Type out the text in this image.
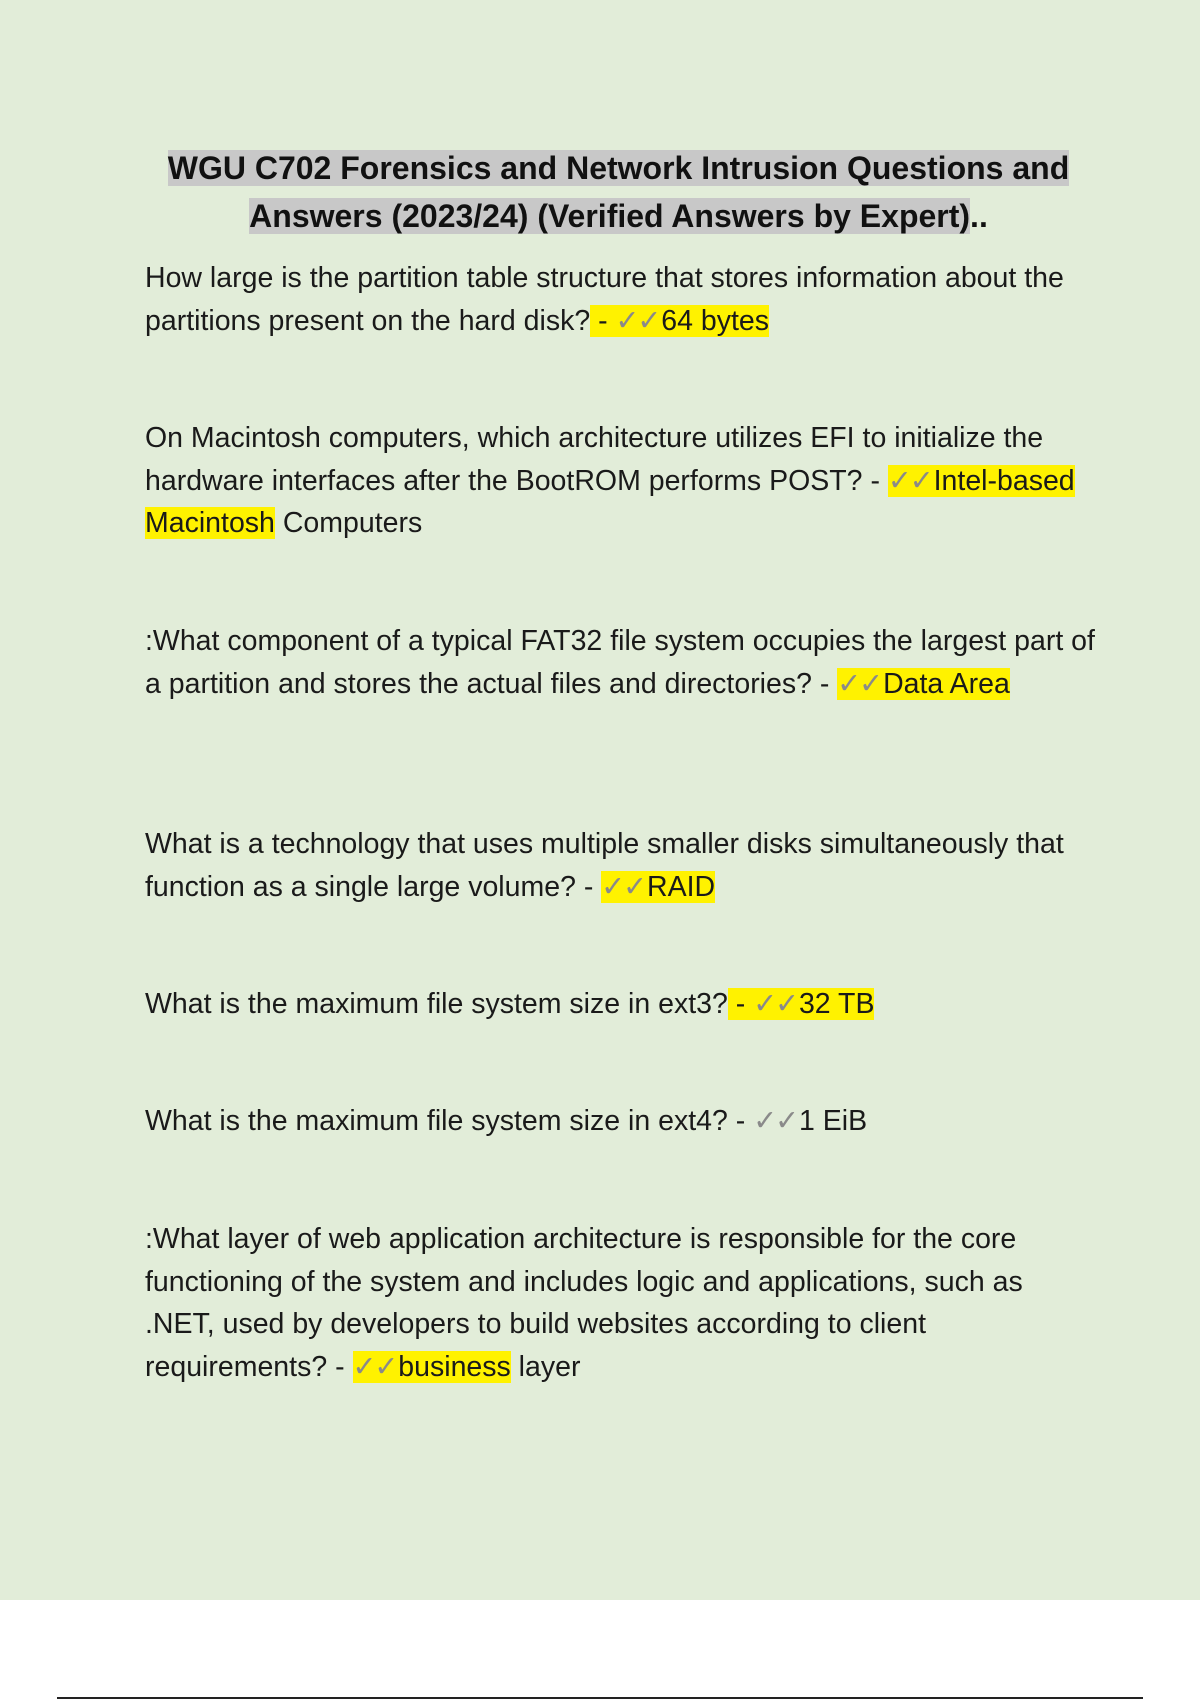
WGU C702 Forensics and Network Intrusion Questions and Answers (2023/24) (Verified Answers by Expert)..
How large is the partition table structure that stores information about the partitions present on the hard disk? - ✓✓64 bytes
On Macintosh computers, which architecture utilizes EFI to initialize the hardware interfaces after the BootROM performs POST? - ✓✓Intel-based Macintosh Computers
:What component of a typical FAT32 file system occupies the largest part of a partition and stores the actual files and directories? - ✓✓Data Area
What is a technology that uses multiple smaller disks simultaneously that function as a single large volume? - ✓✓RAID
What is the maximum file system size in ext3? - ✓✓32 TB
What is the maximum file system size in ext4? - ✓✓1 EiB
:What layer of web application architecture is responsible for the core functioning of the system and includes logic and applications, such as .NET, used by developers to build websites according to client requirements? - ✓✓business layer
